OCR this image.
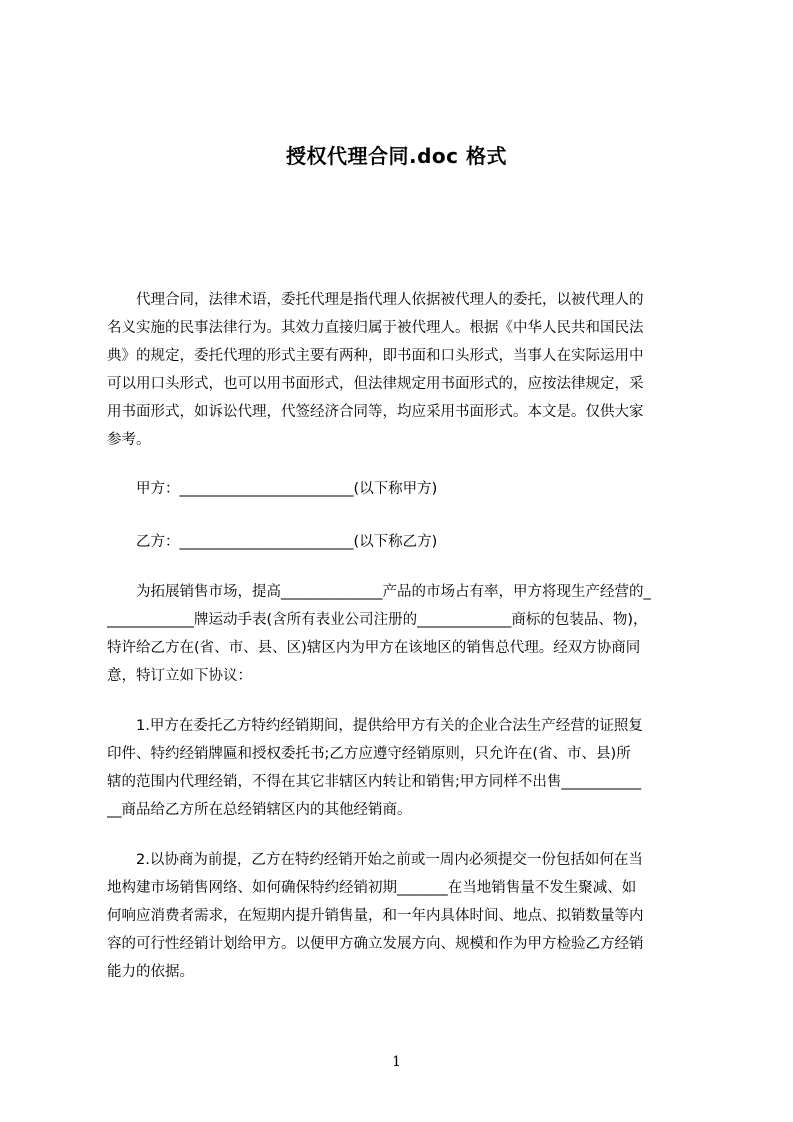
授权代理合同.doc 格式
代理合同，法律术语，委托代理是指代理人依据被代理人的委托，以被代理人的
名义实施的民事法律行为。其效力直接归属于被代理人。根据《中华人民共和国民法
典》的规定，委托代理的形式主要有两种，即书面和口头形式，当事人在实际运用中
可以用口头形式，也可以用书面形式，但法律规定用书面形式的，应按法律规定，采
用书面形式，如诉讼代理，代签经济合同等，均应采用书面形式。本文是。仅供大家
参考。
甲方：________________________(以下称甲方)
乙方：________________________(以下称乙方)
为拓展销售市场，提高______________产品的市场占有率，甲方将现生产经营的_
____________牌运动手表(含所有表业公司注册的_____________商标的包装品、物)，
特许给乙方在(省、市、县、区)辖区内为甲方在该地区的销售总代理。经双方协商同
意，特订立如下协议：
1.甲方在委托乙方特约经销期间，提供给甲方有关的企业合法生产经营的证照复
印件、特约经销牌匾和授权委托书;乙方应遵守经销原则，只允许在(省、市、县)所
辖的范围内代理经销，不得在其它非辖区内转让和销售;甲方同样不出售___________
__商品给乙方所在总经销辖区内的其他经销商。
2.以协商为前提，乙方在特约经销开始之前或一周内必须提交一份包括如何在当
地构建市场销售网络、如何确保特约经销初期_______在当地销售量不发生聚减、如
何响应消费者需求，在短期内提升销售量，和一年内具体时间、地点、拟销数量等内
容的可行性经销计划给甲方。以便甲方确立发展方向、规模和作为甲方检验乙方经销
能力的依据。
1
